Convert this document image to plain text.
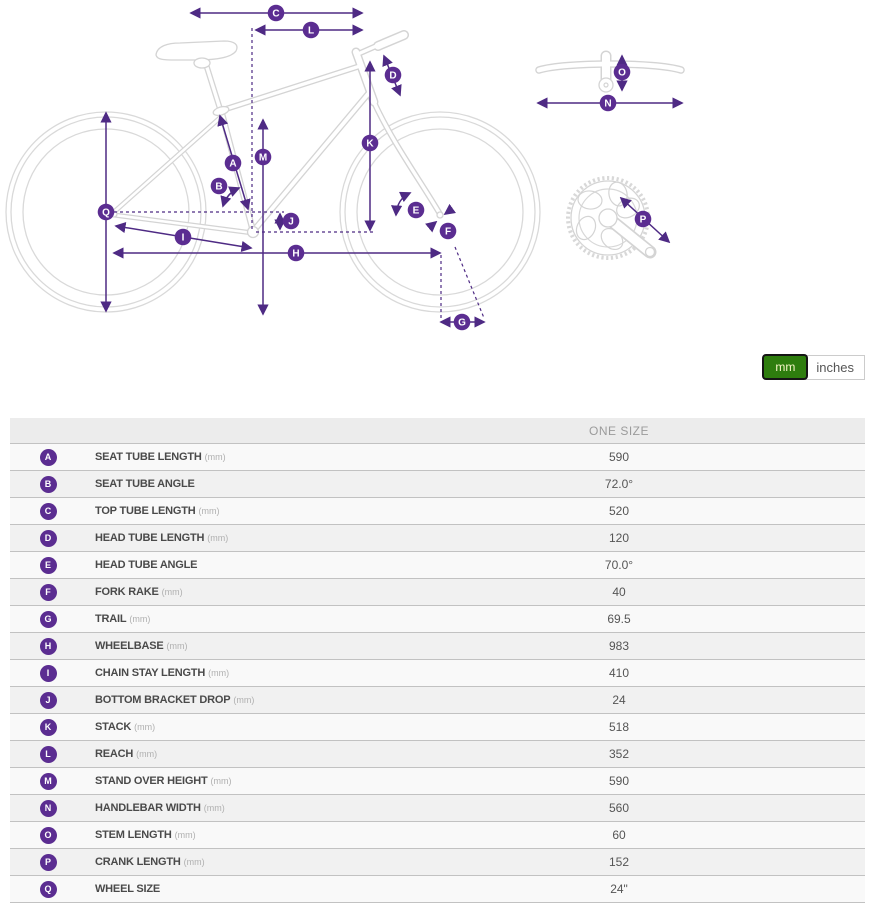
A
B
C
D
E
F
G
H
I
J
K
L
M
N
O
P
Q
mm	inches
ONE SIZE
A	SEAT TUBE LENGTH (mm)	590
B	SEAT TUBE ANGLE	72.0°
C	TOP TUBE LENGTH (mm)	520
D	HEAD TUBE LENGTH (mm)	120
E	HEAD TUBE ANGLE	70.0°
F	FORK RAKE (mm)	40
G	TRAIL (mm)	69.5
H	WHEELBASE (mm)	983
I	CHAIN STAY LENGTH (mm)	410
J	BOTTOM BRACKET DROP (mm)	24
K	STACK (mm)	518
L	REACH (mm)	352
M	STAND OVER HEIGHT (mm)	590
N	HANDLEBAR WIDTH (mm)	560
O	STEM LENGTH (mm)	60
P	CRANK LENGTH (mm)	152
Q	WHEEL SIZE	24"
